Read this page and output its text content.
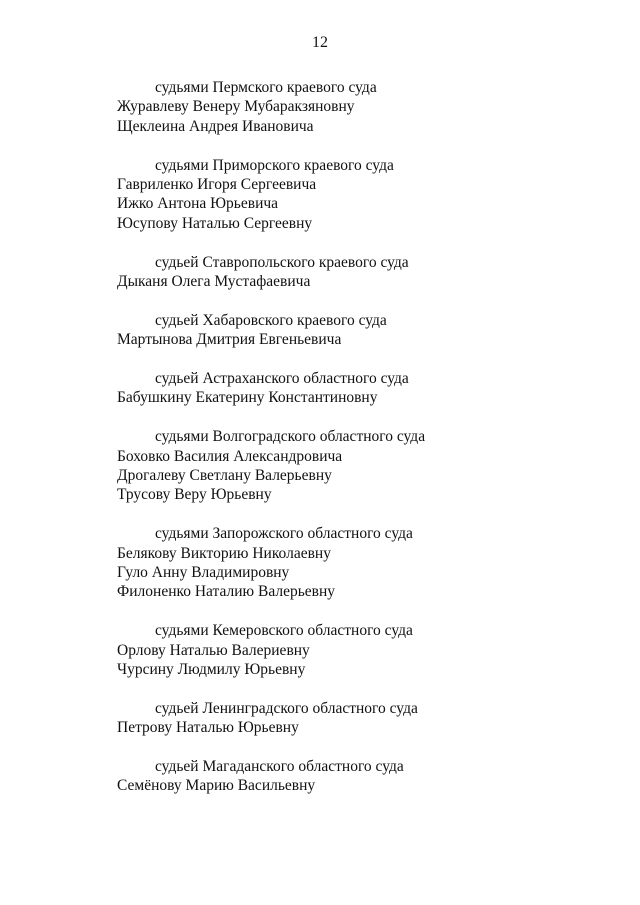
12
судьями Пермского краевого суда
Журавлеву Венеру Мубаракзяновну
Щеклеина Андрея Ивановича
судьями Приморского краевого суда
Гавриленко Игоря Сергеевича
Ижко Антона Юрьевича
Юсупову Наталью Сергеевну
судьей Ставропольского краевого суда
Дыканя Олега Мустафаевича
судьей Хабаровского краевого суда
Мартынова Дмитрия Евгеньевича
судьей Астраханского областного суда
Бабушкину Екатерину Константиновну
судьями Волгоградского областного суда
Боховко Василия Александровича
Дрогалеву Светлану Валерьевну
Трусову Веру Юрьевну
судьями Запорожского областного суда
Белякову Викторию Николаевну
Гуло Анну Владимировну
Филоненко Наталию Валерьевну
судьями Кемеровского областного суда
Орлову Наталью Валериевну
Чурсину Людмилу Юрьевну
судьей Ленинградского областного суда
Петрову Наталью Юрьевну
судьей Магаданского областного суда
Семёнову Марию Васильевну
